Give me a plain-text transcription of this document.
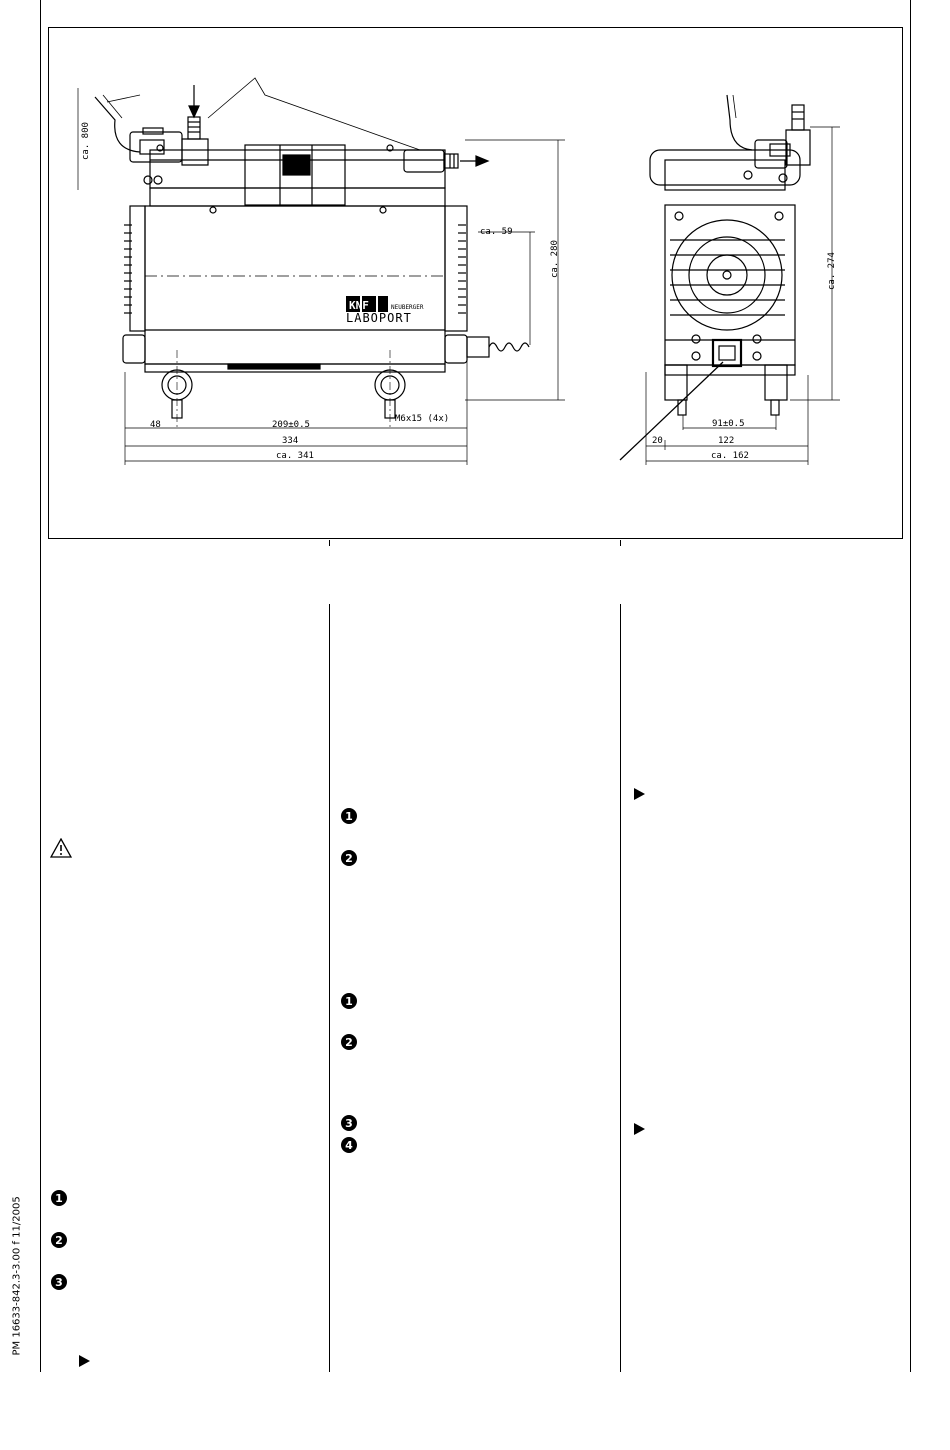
KNF	NEUBERGER
LABOPORT
ca. 800
ca. 59
ca. 280
48	209±0.5
M6x15 (4x)
334
ca. 341
ca. 274
91±0.5
20	122
ca. 162
1
2
3
1
2
1
2
3
4
PM 16633-842.3-3.00 f 11/2005
